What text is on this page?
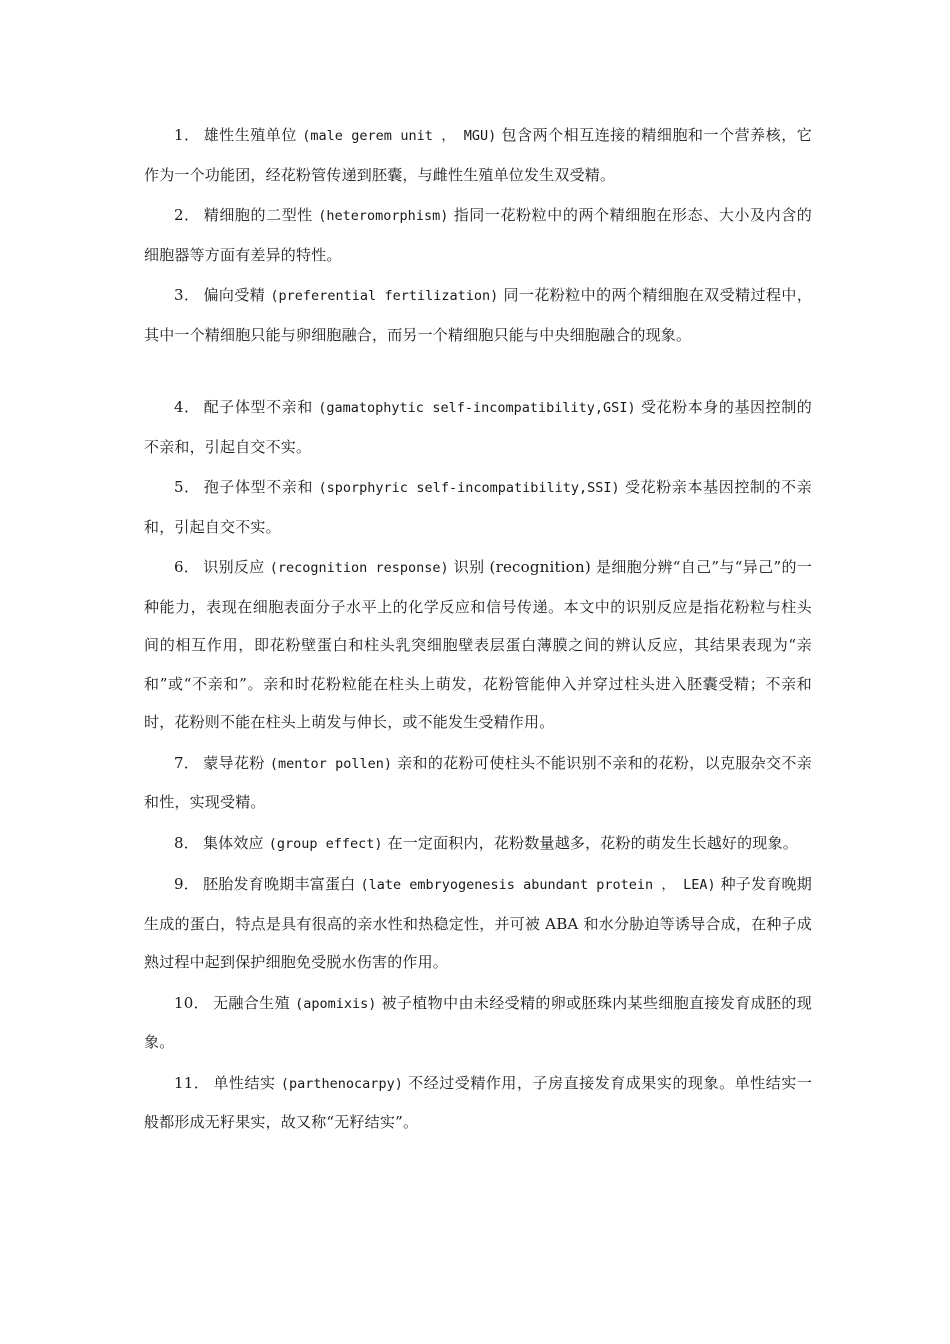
1． 雄性生殖单位 (male gerem unit ， MGU) 包含两个相互连接的精细胞和一个营养核，它作为一个功能团，经花粉管传递到胚囊，与雌性生殖单位发生双受精。

2． 精细胞的二型性 (heteromorphism) 指同一花粉粒中的两个精细胞在形态、大小及内含的细胞器等方面有差异的特性。

3． 偏向受精 (preferential fertilization) 同一花粉粒中的两个精细胞在双受精过程中，其中一个精细胞只能与卵细胞融合，而另一个精细胞只能与中央细胞融合的现象。

4． 配子体型不亲和 (gamatophytic self-incompatibility,GSI) 受花粉本身的基因控制的不亲和，引起自交不实。

5． 孢子体型不亲和 (sporphyric self-incompatibility,SSI) 受花粉亲本基因控制的不亲和，引起自交不实。

6． 识别反应 (recognition response) 识别 (recognition) 是细胞分辨“自己”与“异己”的一种能力，表现在细胞表面分子水平上的化学反应和信号传递。本文中的识别反应是指花粉粒与柱头间的相互作用，即花粉壁蛋白和柱头乳突细胞壁表层蛋白薄膜之间的辨认反应，其结果表现为“亲和”或“不亲和”。亲和时花粉粒能在柱头上萌发，花粉管能伸入并穿过柱头进入胚囊受精；不亲和时，花粉则不能在柱头上萌发与伸长，或不能发生受精作用。

7． 蒙导花粉 (mentor pollen) 亲和的花粉可使柱头不能识别不亲和的花粉，以克服杂交不亲和性，实现受精。

8． 集体效应 (group effect) 在一定面积内，花粉数量越多，花粉的萌发生长越好的现象。

9． 胚胎发育晚期丰富蛋白 (late embryogenesis abundant protein ， LEA) 种子发育晚期生成的蛋白，特点是具有很高的亲水性和热稳定性，并可被 ABA 和水分胁迫等诱导合成，在种子成熟过程中起到保护细胞免受脱水伤害的作用。

10． 无融合生殖 (apomixis) 被子植物中由未经受精的卵或胚珠内某些细胞直接发育成胚的现象。

11． 单性结实 (parthenocarpy) 不经过受精作用，子房直接发育成果实的现象。单性结实一般都形成无籽果实，故又称“无籽结实”。
